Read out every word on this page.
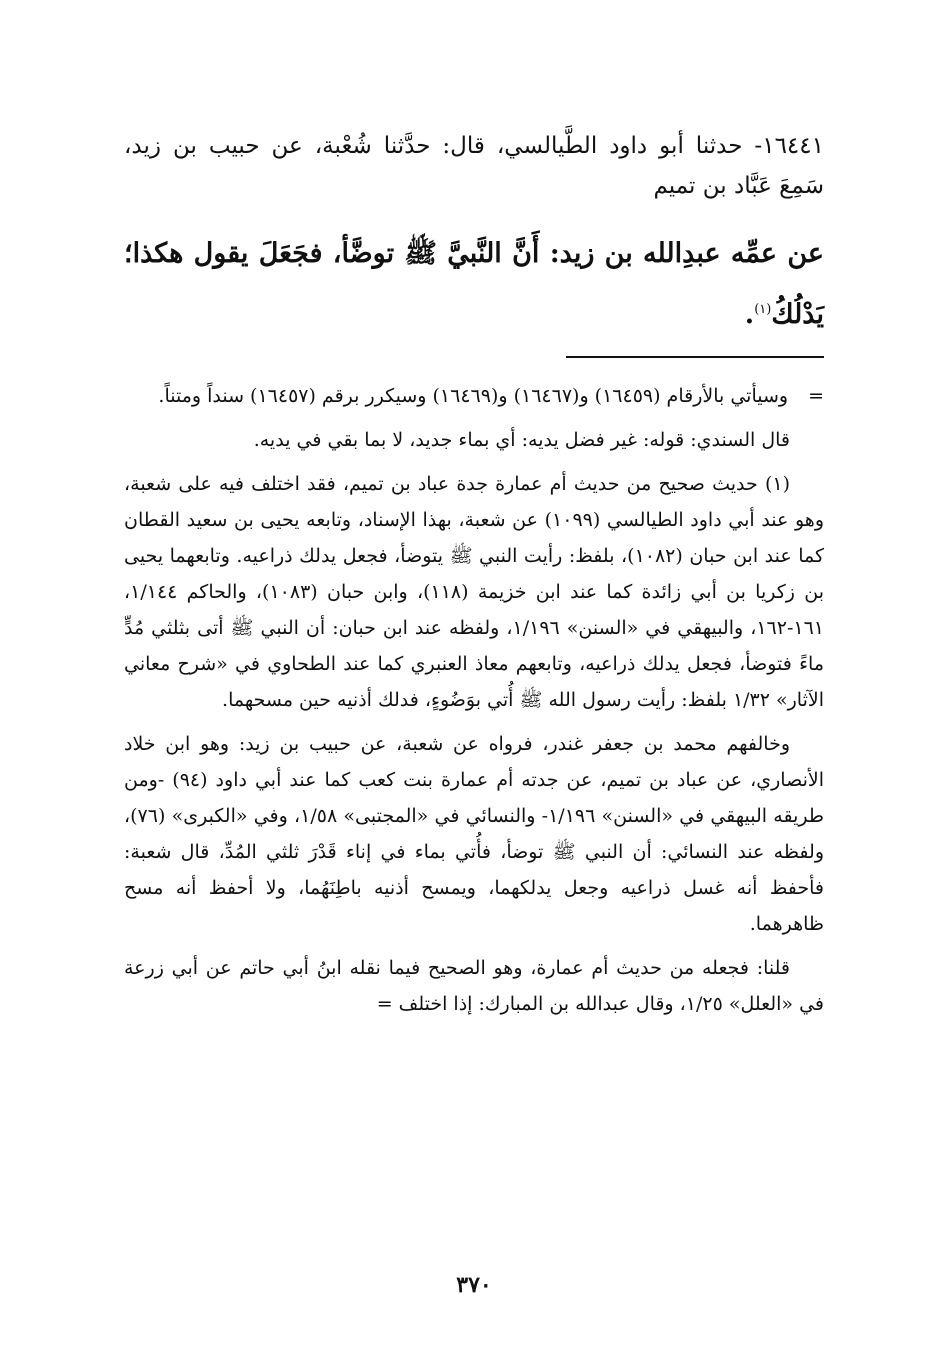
١٦٤٤١- حدثنا أبو داود الطَّيالسي، قال: حدَّثنا شُعْبة، عن حبيب بن زيد، سَمِعَ عَبَّاد بن تميم
عن عمِّه عبدِالله بن زيد: أَنَّ النَّبيَّ ﷺ توضَّأ، فجَعَلَ يقول هكذا؛ يَدْلُكُ$^{(١)}$.

=وسيأتي بالأرقام (١٦٤٥٩) و(١٦٤٦٧) و(١٦٤٦٩) وسيكرر برقم (١٦٤٥٧) سنداً ومتناً.

قال السندي: قوله: غير فضل يديه: أي بماء جديد، لا بما بقي في يديه.

(١) حديث صحيح من حديث أم عمارة جدة عباد بن تميم، فقد اختلف فيه على شعبة، وهو عند أبي داود الطيالسي (١٠٩٩) عن شعبة، بهذا الإسناد، وتابعه يحيى بن سعيد القطان كما عند ابن حبان (١٠٨٢)، بلفظ: رأيت النبي ﷺ يتوضأ، فجعل يدلك ذراعيه. وتابعهما يحيى بن زكريا بن أبي زائدة كما عند ابن خزيمة (١١٨)، وابن حبان (١٠٨٣)، والحاكم ١/١٤٤، ١٦١-١٦٢، والبيهقي في «السنن» ١/١٩٦، ولفظه عند ابن حبان: أن النبي ﷺ أتى بثلثي مُدٍّ ماءً فتوضأ، فجعل يدلك ذراعيه، وتابعهم معاذ العنبري كما عند الطحاوي في «شرح معاني الآثار» ١/٣٢ بلفظ: رأيت رسول الله ﷺ أُتي بوَضُوءٍ، فدلك أذنيه حين مسحهما.

وخالفهم محمد بن جعفر غندر، فرواه عن شعبة، عن حبيب بن زيد: وهو ابن خلاد الأنصاري، عن عباد بن تميم، عن جدته أم عمارة بنت كعب كما عند أبي داود (٩٤) -ومن طريقه البيهقي في «السنن» ١/١٩٦- والنسائي في «المجتبى» ١/٥٨، وفي «الكبرى» (٧٦)، ولفظه عند النسائي: أن النبي ﷺ توضأ، فأُتي بماء في إناء قَدْرَ ثلثي المُدِّ، قال شعبة: فأحفظ أنه غسل ذراعيه وجعل يدلكهما، ويمسح أذنيه باطِنَهُما، ولا أحفظ أنه مسح ظاهرهما.

قلنا: فجعله من حديث أم عمارة، وهو الصحيح فيما نقله ابنُ أبي حاتم عن أبي زرعة في «العلل» ١/٢٥، وقال عبدالله بن المبارك: إذا اختلف =

٣٧٠
